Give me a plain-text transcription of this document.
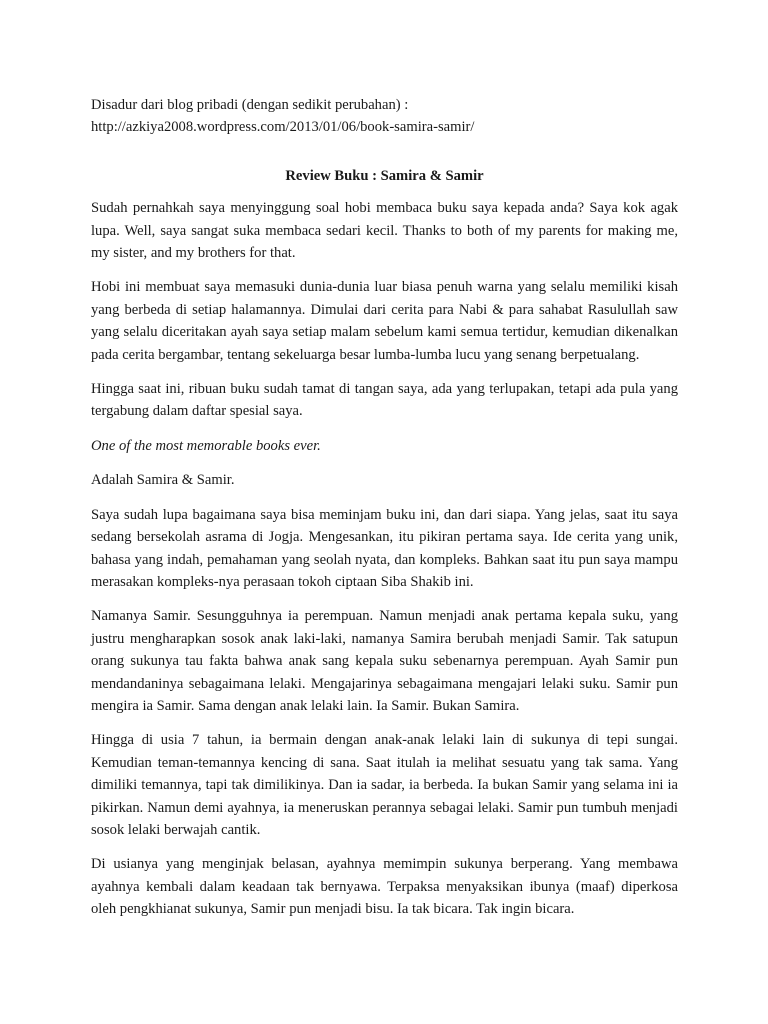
Disadur dari blog pribadi (dengan sedikit perubahan) :

http://azkiya2008.wordpress.com/2013/01/06/book-samira-samir/

Review Buku : Samira & Samir

Sudah pernahkah saya menyinggung soal hobi membaca buku saya kepada anda? Saya kok agak lupa. Well, saya sangat suka membaca sedari kecil. Thanks to both of my parents for making me, my sister, and my brothers for that.

Hobi ini membuat saya memasuki dunia-dunia luar biasa penuh warna yang selalu memiliki kisah yang berbeda di setiap halamannya. Dimulai dari cerita para Nabi & para sahabat Rasulullah saw yang selalu diceritakan ayah saya setiap malam sebelum kami semua tertidur, kemudian dikenalkan pada cerita bergambar, tentang sekeluarga besar lumba-lumba lucu yang senang berpetualang.

Hingga saat ini, ribuan buku sudah tamat di tangan saya, ada yang terlupakan, tetapi ada pula yang tergabung dalam daftar spesial saya.

One of the most memorable books ever.

Adalah Samira & Samir.

Saya sudah lupa bagaimana saya bisa meminjam buku ini, dan dari siapa. Yang jelas, saat itu saya sedang bersekolah asrama di Jogja. Mengesankan, itu pikiran pertama saya. Ide cerita yang unik, bahasa yang indah, pemahaman yang seolah nyata, dan kompleks. Bahkan saat itu pun saya mampu merasakan kompleks-nya perasaan tokoh ciptaan Siba Shakib ini.

Namanya Samir. Sesungguhnya ia perempuan. Namun menjadi anak pertama kepala suku, yang justru mengharapkan sosok anak laki-laki, namanya Samira berubah menjadi Samir. Tak satupun orang sukunya tau fakta bahwa anak sang kepala suku sebenarnya perempuan. Ayah Samir pun mendandaninya sebagaimana lelaki. Mengajarinya sebagaimana mengajari lelaki suku. Samir pun mengira ia Samir. Sama dengan anak lelaki lain. Ia Samir. Bukan Samira.

Hingga di usia 7 tahun, ia bermain dengan anak-anak lelaki lain di sukunya di tepi sungai. Kemudian teman-temannya kencing di sana. Saat itulah ia melihat sesuatu yang tak sama. Yang dimiliki temannya, tapi tak dimilikinya. Dan ia sadar, ia berbeda. Ia bukan Samir yang selama ini ia pikirkan. Namun demi ayahnya, ia meneruskan perannya sebagai lelaki. Samir pun tumbuh menjadi sosok lelaki berwajah cantik.

Di usianya yang menginjak belasan, ayahnya memimpin sukunya berperang. Yang membawa ayahnya kembali dalam keadaan tak bernyawa. Terpaksa menyaksikan ibunya (maaf) diperkosa oleh pengkhianat sukunya, Samir pun menjadi bisu. Ia tak bicara. Tak ingin bicara.
